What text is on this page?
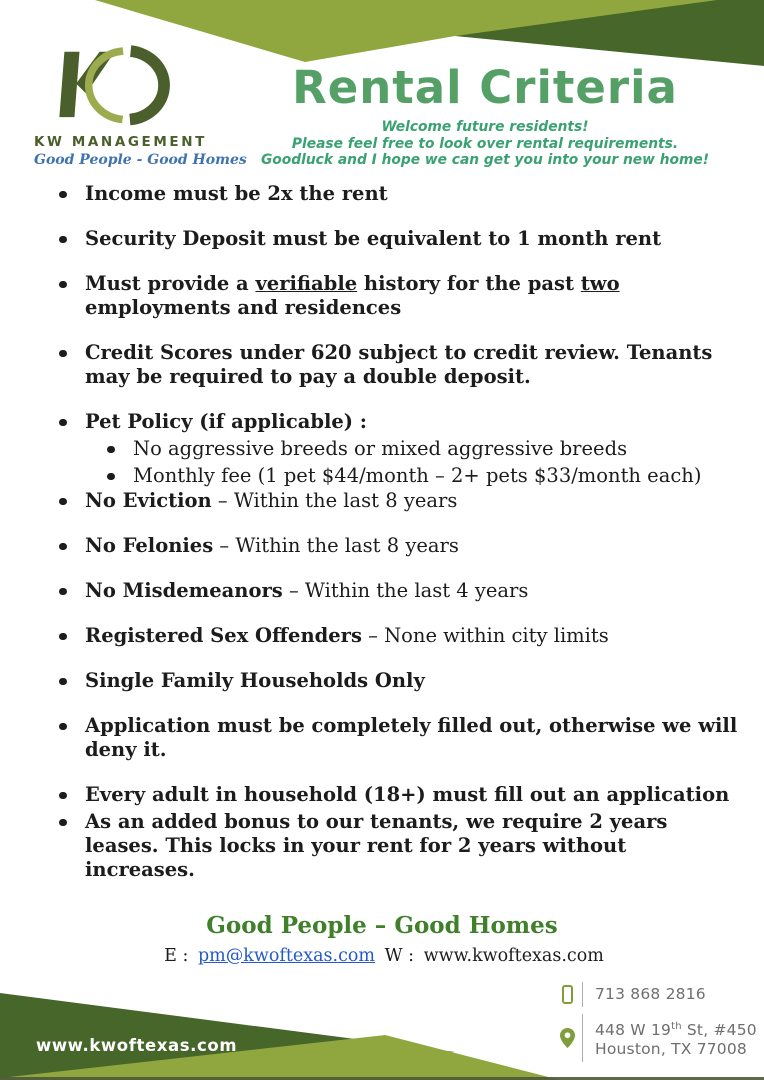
KW MANAGEMENT
Good People - Good Homes
Rental Criteria
Welcome future residents!
Please feel free to look over rental requirements.
Goodluck and I hope we can get you into your new home!
Income must be 2x the rent
Security Deposit must be equivalent to 1 month rent
Must provide a verifiable history for the past two employments and residences
Credit Scores under 620 subject to credit review. Tenants may be required to pay a double deposit.
Pet Policy (if applicable) :
No aggressive breeds or mixed aggressive breeds
Monthly fee (1 pet $44/month – 2+ pets $33/month each)
No Eviction – Within the last 8 years
No Felonies – Within the last 8 years
No Misdemeanors – Within the last 4 years
Registered Sex Offenders – None within city limits
Single Family Households Only
Application must be completely filled out, otherwise we will deny it.
Every adult in household (18+) must fill out an application
As an added bonus to our tenants, we require 2 years leases. This locks in your rent for 2 years without increases.
Good People – Good Homes
E : pm@kwoftexas.com W : www.kwoftexas.com
www.kwoftexas.com
713 868 2816
448 W 19th St, #450
Houston, TX 77008
